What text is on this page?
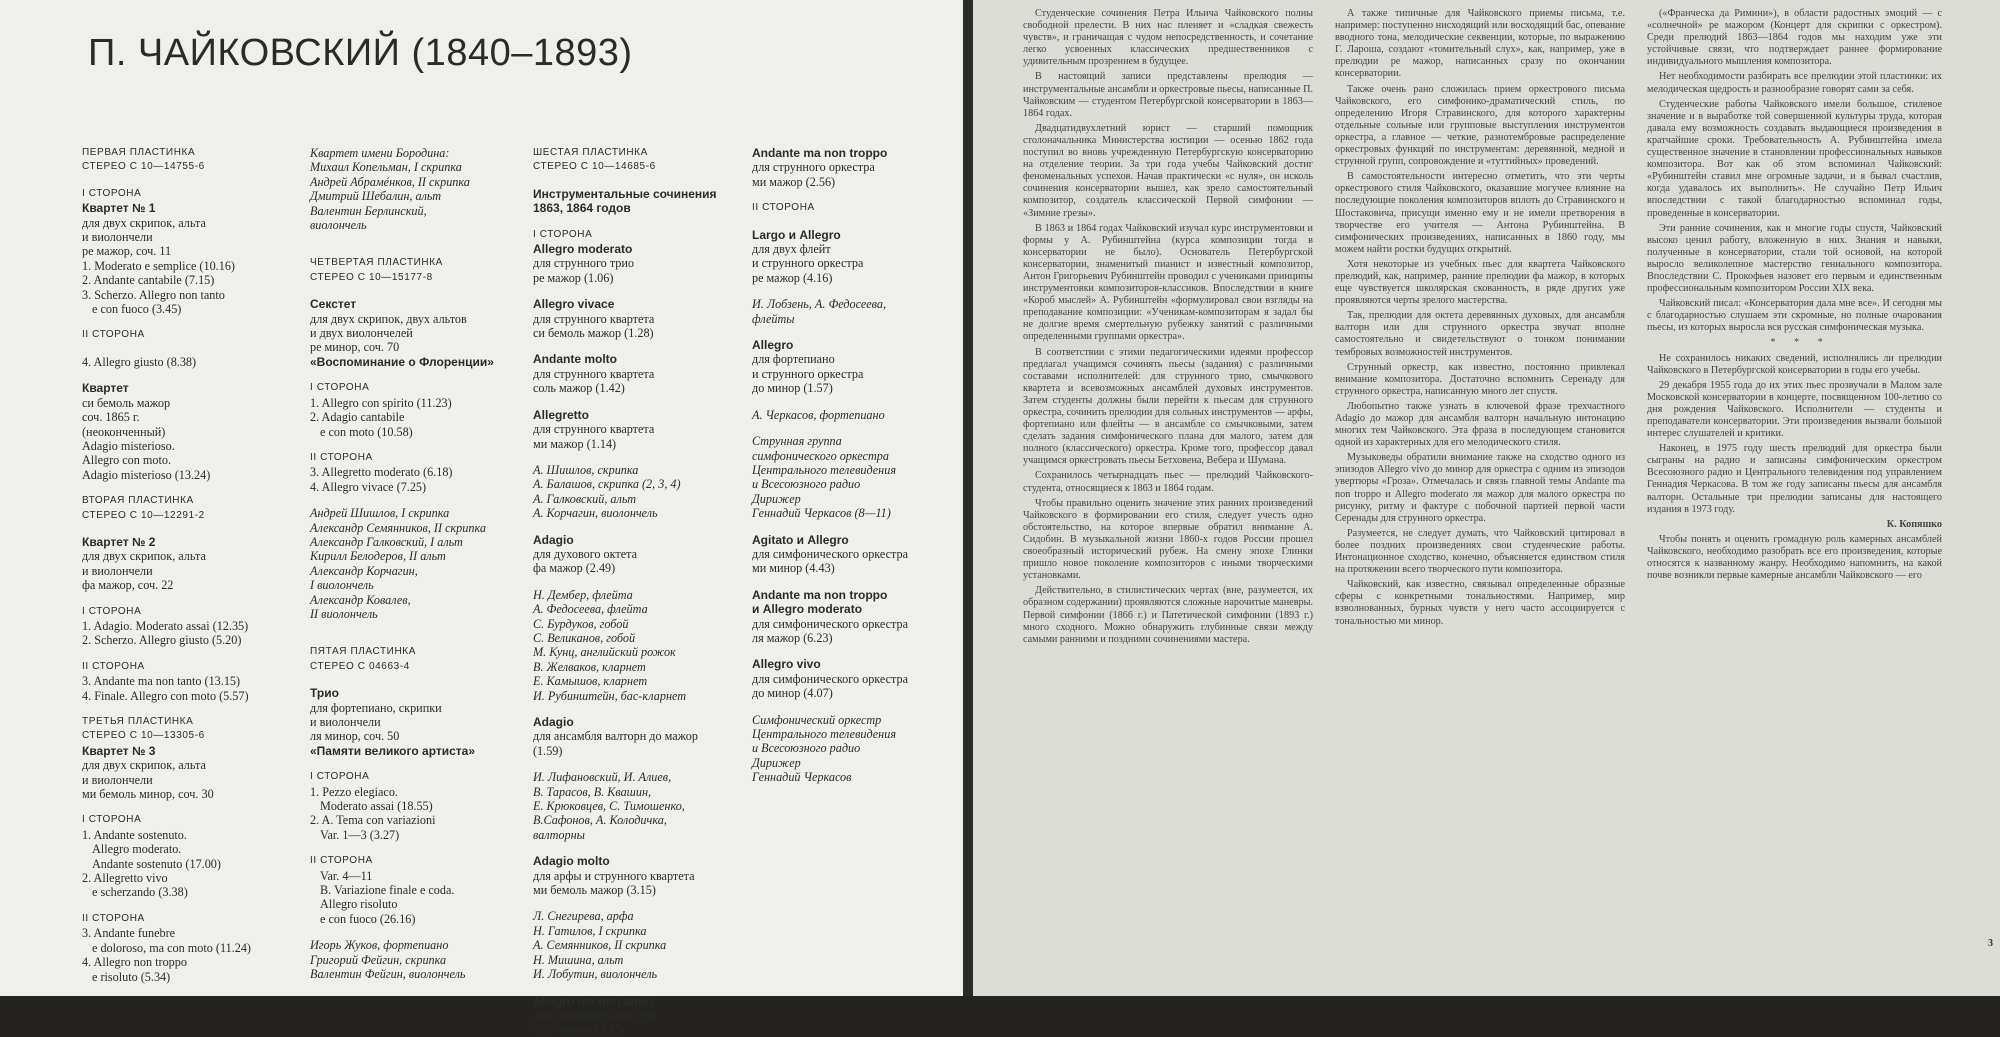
П. ЧАЙКОВСКИЙ (1840–1893)
ПЕРВАЯ ПЛАСТИНКА
СТЕРЕО С 10—14755-6
I СТОРОНА
Квартет № 1
для двух скрипок, альта
и виолончели
ре мажор, соч. 11
1. Moderato e semplice (10.16)
2. Andante cantabile (7.15)
3. Scherzo. Allegro non tanto
e con fuoco (3.45)
II СТОРОНА
4. Allegro giusto (8.38)
Квартет
си бемоль мажор
соч. 1865 г.
(неоконченный)
Adagio misterioso.
Allegro con moto.
Adagio misterioso (13.24)
ВТОРАЯ ПЛАСТИНКА
СТЕРЕО С 10—12291-2
Квартет № 2
для двух скрипок, альта
и виолончели
фа мажор, соч. 22
I СТОРОНА
1. Adagio. Moderato assai (12.35)
2. Scherzo. Allegro giusto (5.20)
II СТОРОНА
3. Andante ma non tanto (13.15)
4. Finale. Allegro con moto (5.57)
ТРЕТЬЯ ПЛАСТИНКА
СТЕРЕО С 10—13305-6
Квартет № 3
для двух скрипок, альта
и виолончели
ми бемоль минор, соч. 30
I СТОРОНА
1. Andante sostenuto.
Allegro moderato.
Andante sostenuto (17.00)
2. Allegretto vivo
e scherzando (3.38)
II СТОРОНА
3. Andante funebre
e doloroso, ma con moto (11.24)
4. Allegro non troppo
e risoluto (5.34)
Квартет имени Бородина:
Михаил Копельман, I скрипка
Андрей Абрамéнков, II скрипка
Дмитрий Шебалин, альт
Валентин Берлинский,
виолончель
ЧЕТВЕРТАЯ ПЛАСТИНКА
СТЕРЕО С 10—15177-8
Секстет
для двух скрипок, двух альтов
и двух виолончелей
ре минор, соч. 70
«Воспоминание о Флоренции»
I СТОРОНА
1. Allegro con spirito (11.23)
2. Adagio cantabile
e con moto (10.58)
II СТОРОНА
3. Allegretto moderato (6.18)
4. Allegro vivace (7.25)
Андрей Шишлов, I скрипка
Александр Семянников, II скрипка
Александр Галковский, I альт
Кирилл Белодеров, II альт
Александр Корчагин,
I виолончель
Александр Ковалев,
II виолончель
ПЯТАЯ ПЛАСТИНКА
СТЕРЕО С 04663-4
Трио
для фортепиано, скрипки
и виолончели
ля минор, соч. 50
«Памяти великого артиста»
I СТОРОНА
1. Pezzo elegiaco.
Moderato assai (18.55)
2. A. Tema con variazioni
Var. 1—3 (3.27)
II СТОРОНА
Var. 4—11
B. Variazione finale e coda.
Allegro risoluto
e con fuoco (26.16)
Игорь Жуков, фортепиано
Григорий Фейгин, скрипка
Валентин Фейгин, виолончель
ШЕСТАЯ ПЛАСТИНКА
СТЕРЕО С 10—14685-6
Инструментальные сочинения
1863, 1864 годов
I СТОРОНА
Allegro moderato
для струнного трио
ре мажор (1.06)
Allegro vivace
для струнного квартета
си бемоль мажор (1.28)
Andante molto
для струнного квартета
соль мажор (1.42)
Allegretto
для струнного квартета
ми мажор (1.14)
А. Шишлов, скрипка
А. Балашов, скрипка (2, 3, 4)
А. Галковский, альт
А. Корчагин, виолончель
Adagio
для духового октета
фа мажор (2.49)
Н. Дембер, флейта
А. Федосеева, флейта
С. Бурдуков, гобой
С. Великанов, гобой
М. Кунц, английский рожок
В. Желваков, кларнет
Е. Камышов, кларнет
И. Рубинштейн, бас-кларнет
Adagio
для ансамбля валторн до мажор
(1.59)
И. Лифановский, И. Алиев,
В. Тарасов, В. Квашин,
Е. Крюковцев, С. Тимошенко,
В.Сафонов, А. Колодичка,
валторны
Adagio molto
для арфы и струнного квартета
ми бемоль мажор (3.15)
Л. Снегирева, арфа
Н. Гатилов, I скрипка
А. Семянников, II скрипка
Н. Мишина, альт
И. Лобутин, виолончель
Allegro ma non tanto
для струнного оркестра
соль мажор (3.15)
Andante ma non troppo
для струнного оркестра
ми мажор (2.56)
II СТОРОНА
Largo и Allegro
для двух флейт
и струнного оркестра
ре мажор (4.16)
И. Лобзень, А. Федосеева,
флейты
Allegro
для фортепиано
и струнного оркестра
до минор (1.57)
А. Черкасов, фортепиано
Струнная группа
симфонического оркестра
Центрального телевидения
и Всесоюзного радио
Дирижер
Геннадий Черкасов (8—11)
Agitato и Allegro
для симфонического оркестра
ми минор (4.43)
Andante ma non troppo
и Allegro moderato
для симфонического оркестра
ля мажор (6.23)
Allegro vivo
для симфонического оркестра
до минор (4.07)
Симфонический оркестр
Центрального телевидения
и Всесоюзного радио
Дирижер
Геннадий Черкасов

Студенческие сочинения Петра Ильича Чайковского полны свободной прелести. В них нас пленяет и «сладкая свежесть чувств», и граничащая с чудом непосредственность, и сочетание легко усвоенных классических предшественников с удивительным прозрением в будущее.

В настоящий записи представлены прелюдия — инструментальные ансамбли и оркестровые пьесы, написанные П. Чайковским — студентом Петербургской консерватории в 1863—1864 годах.

Двадцатидвухлетний юрист — старший помощник столоначальника Министерства юстиции — осенью 1862 года поступил во вновь учрежденную Петербургскую консерваторию на отделение теории. За три года учебы Чайковский достиг феноменальных успехов. Начав практически «с нуля», он исколь сочинения консерватории вышел, как зрело самостоятельный композитор, создатель классической Первой симфонии — «Зимние грезы».

В 1863 и 1864 годах Чайковский изучал курс инструментовки и формы у А. Рубинштейна (курса композиции тогда в консерватории не было). Основатель Петербургской консерватории, знаменитый пианист и известный композитор, Антон Григорьевич Рубинштейн проводил с учениками принципы инструментовки композиторов-классиков. Впоследствии в книге «Короб мыслей» А. Рубинштейн «формулировал свои взгляды на преподавание композиции: «Ученикам-композиторам я задал бы не долгие время смертельную рубежку занятий с различными определенными группами оркестра».

В соответствии с этими педагогическими идеями профессор предлагал учащимся сочинять пьесы (задания) с различными составами исполнителей: для струнного трио, смычкового квартета и всевозможных ансамблей духовых инструментов. Затем студенты должны были перейти к пьесам для струнного оркестра, сочинить прелюдии для сольных инструментов — арфы, фортепиано или флейты — в ансамбле со смычковыми, затем сделать задания симфонического плана для малого, затем для полного (классического) оркестра. Кроме того, профессор давал учащимся оркестровать пьесы Бетховена, Вебера и Шумана.

Сохранилось четырнадцать пьес — прелюдий Чайковского-студента, относящиеся к 1863 и 1864 годам.

Чтобы правильно оценить значение этих ранних произведений Чайковского в формировании его стиля, следует учесть одно обстоятельство, на которое впервые обратил внимание А. Сидобин. В музыкальной жизни 1860-х годов России прошел своеобразный исторический рубеж. На смену эпохе Глинки пришло новое поколение композиторов с иными творческими установками.

Действительно, в стилистических чертах (вне, разумеется, их образном содержании) проявляются сложные нарочитые маневры. Первой симфонии (1866 г.) и Патетической симфонии (1893 г.) много сходного. Можно обнаружить глубинные связи между самыми ранними и поздними сочинениями мастера.

А также типичные для Чайковского приемы письма, т.е. например: поступенно нисходящий или восходящий бас, опевание вводного тона, мелодические секвенции, которые, по выражению Г. Лароша, создают «томительный слух», как, например, уже в прелюдии ре мажор, написанных сразу по окончании консерватории.

Также очень рано сложилась прием оркестрового письма Чайковского, его симфонико-драматический стиль, по определению Игоря Стравинского, для которого характерны отдельные сольные или групповые выступления инструментов оркестра, а главное — четкие, разнотембровые распределение оркестровых функций по инструментам: деревянной, медной и струнной групп, сопровождение и «туттийных» проведений.

В самостоятельности интересно отметить, что эти черты оркестрового стиля Чайковского, оказавшие могучее влияние на последующие поколения композиторов вплоть до Стравинского и Шостаковича, присущи именно ему и не имели претворения в творчестве его учителя — Антона Рубинштейна. В симфонических произведениях, написанных в 1860 году, мы можем найти ростки будущих открытий.

Хотя некоторые из учебных пьес для квартета Чайковского прелюдий, как, например, ранние прелюдии фа мажор, в которых еще чувствуется школярская скованность, в ряде других уже проявляются черты зрелого мастерства.

Так, прелюдии для октета деревянных духовых, для ансамбля валторн или для струнного оркестра звучат вполне самостоятельно и свидетельствуют о тонком понимании тембровых возможностей инструментов.

Струнный оркестр, как известно, постоянно привлекал внимание композитора. Достаточно вспомнить Серенаду для струнного оркестра, написанную много лет спустя.

Любопытно также узнать в ключевой фразе трехчастного Adagio до мажор для ансамбля валторн начальную интонацию многих тем Чайковского. Эта фраза в последующем становится одной из характерных для его мелодического стиля.

Музыковеды обратили внимание также на сходство одного из эпизодов Allegro vivo до минор для оркестра с одним из эпизодов увертюры «Гроза». Отмечалась и связь главной темы Andante ma non troppo и Allegro moderato ля мажор для малого оркестра по рисунку, ритму и фактуре с побочной партией первой части Серенады для струнного оркестра.

Разумеется, не следует думать, что Чайковский цитировал в более поздних произведениях свои студенческие работы. Интонационное сходство, конечно, объясняется единством стиля на протяжении всего творческого пути композитора.

Чайковский, как известно, связывал определенные образные сферы с конкретными тональностями. Например, мир взволнованных, бурных чувств у него часто ассоциируется с тональностью ми минор.

(«Франческа да Римини»), в области радостных эмоций — с «солнечной» ре мажором (Концерт для скрипки с оркестром). Среди прелюдий 1863—1864 годов мы находим уже эти устойчивые связи, что подтверждает раннее формирование индивидуального мышления композитора.

Нет необходимости разбирать все прелюдии этой пластинки: их мелодическая щедрость и разнообразие говорят сами за себя.

Студенческие работы Чайковского имели большое, стилевое значение и в выработке той совершенной культуры труда, которая давала ему возможность создавать выдающиеся произведения в кратчайшие сроки. Требовательность А. Рубинштейна имела существенное значение в становлении профессиональных навыков композитора. Вот как об этом вспоминал Чайковский: «Рубинштейн ставил мне огромные задачи, и я бывал счастлив, когда удавалось их выполнить». Не случайно Петр Ильич впоследствии с такой благодарностью вспоминал годы, проведенные в консерватории.

Эти ранние сочинения, как и многие годы спустя, Чайковский высоко ценил работу, вложенную в них. Знания и навыки, полученные в консерватории, стали той основой, на которой выросло великолепное мастерство гениального композитора. Впоследствии С. Прокофьев назовет его первым и единственным профессиональным композитором России XIX века.

Чайковский писал: «Консерватория дала мне все». И сегодня мы с благодарностью слушаем эти скромные, но полные очарования пьесы, из которых выросла вся русская симфоническая музыка.

* * *

Не сохранилось никаких сведений, исполнялись ли прелюдии Чайковского в Петербургской консерватории в годы его учебы.

29 декабря 1955 года до их этих пьес прозвучали в Малом зале Московской консерватории в концерте, посвященном 100-летию со дня рождения Чайковского. Исполнители — студенты и преподаватели консерватории. Эти произведения вызвали большой интерес слушателей и критики.

Наконец, в 1975 году шесть прелюдий для оркестра были сыграны на радио и записаны симфоническим оркестром Всесоюзного радио и Центрального телевидения под управлением Геннадия Черкасова. В том же году записаны пьесы для ансамбля валторн. Остальные три прелюдии записаны для настоящего издания в 1973 году.

К. Копяшко

Чтобы понять и оценить громадную роль камерных ансамблей Чайковского, необходимо разобрать все его произведения, которые относятся к названному жанру. Необходимо напомнить, на какой почве возникли первые камерные ансамбли Чайковского — его

3
